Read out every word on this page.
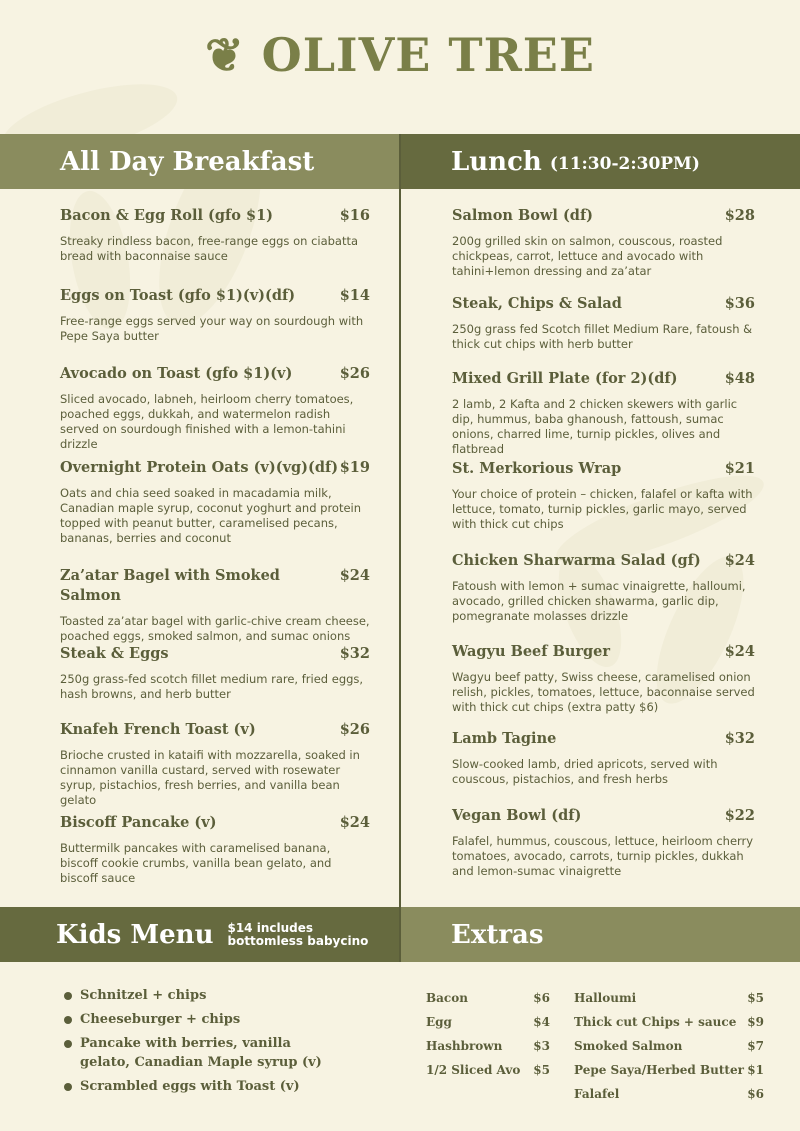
❦ OLIVE TREE
All Day Breakfast	Lunch (11:30-2:30PM)
Bacon & Egg Roll (gfo $1)	$16
Streaky rindless bacon, free-range eggs on ciabatta bread with baconnaise sauce
Eggs on Toast (gfo $1)(v)(df)	$14
Free-range eggs served your way on sourdough with Pepe Saya butter
Avocado on Toast (gfo $1)(v)	$26
Sliced avocado, labneh, heirloom cherry tomatoes, poached eggs, dukkah, and watermelon radish served on sourdough finished with a lemon-tahini drizzle
Overnight Protein Oats (v)(vg)(df) $19
Oats and chia seed soaked in macadamia milk, Canadian maple syrup, coconut yoghurt and protein topped with peanut butter, caramelised pecans, bananas, berries and coconut
Za’atar Bagel with Smoked Salmon
$24
Toasted za’atar bagel with garlic-chive cream cheese, poached eggs, smoked salmon, and sumac onions
Steak & Eggs	$32
250g grass-fed scotch fillet medium rare, fried eggs, hash browns, and herb butter
Knafeh French Toast (v)	$26
Brioche crusted in kataifi with mozzarella, soaked in cinnamon vanilla custard, served with rosewater syrup, pistachios, fresh berries, and vanilla bean gelato
Biscoff Pancake (v)	$24
Buttermilk pancakes with caramelised banana, biscoff cookie crumbs, vanilla bean gelato, and biscoff sauce
Salmon Bowl (df)	$28
200g grilled skin on salmon, couscous, roasted chickpeas, carrot, lettuce and avocado with tahini+lemon dressing and za’atar
Steak, Chips & Salad	$36
250g grass fed Scotch fillet Medium Rare, fatoush & thick cut chips with herb butter
Mixed Grill Plate (for 2)(df)	$48
2 lamb, 2 Kafta and 2 chicken skewers with garlic dip, hummus, baba ghanoush, fattoush, sumac onions, charred lime, turnip pickles, olives and flatbread
St. Merkorious Wrap	$21
Your choice of protein – chicken, falafel or kafta with lettuce, tomato, turnip pickles, garlic mayo, served with thick cut chips
Chicken Sharwarma Salad (gf) $24
Fatoush with lemon + sumac vinaigrette, halloumi, avocado, grilled chicken shawarma, garlic dip, pomegranate molasses drizzle
Wagyu Beef Burger	$24
Wagyu beef patty, Swiss cheese, caramelised onion relish, pickles, tomatoes, lettuce, baconnaise served with thick cut chips (extra patty $6)
Lamb Tagine	$32
Slow-cooked lamb, dried apricots, served with couscous, pistachios, and fresh herbs
Vegan Bowl (df)	$22
Falafel, hummus, couscous, lettuce, heirloom cherry tomatoes, avocado, carrots, turnip pickles, dukkah and lemon-sumac vinaigrette
Kids Menu $14 includes
bottomless babycino	Extras
Schnitzel + chips
Cheeseburger + chips
Pancake with berries, vanilla gelato, Canadian Maple syrup (v)
Scrambled eggs with Toast (v)
Bacon	$6
Egg	$4
Hashbrown	$3
1/2 Sliced Avo $5
Halloumi	$5
Thick cut Chips + sauce $9
Smoked Salmon	$7
Pepe Saya/Herbed Butter $1
Falafel	$6
